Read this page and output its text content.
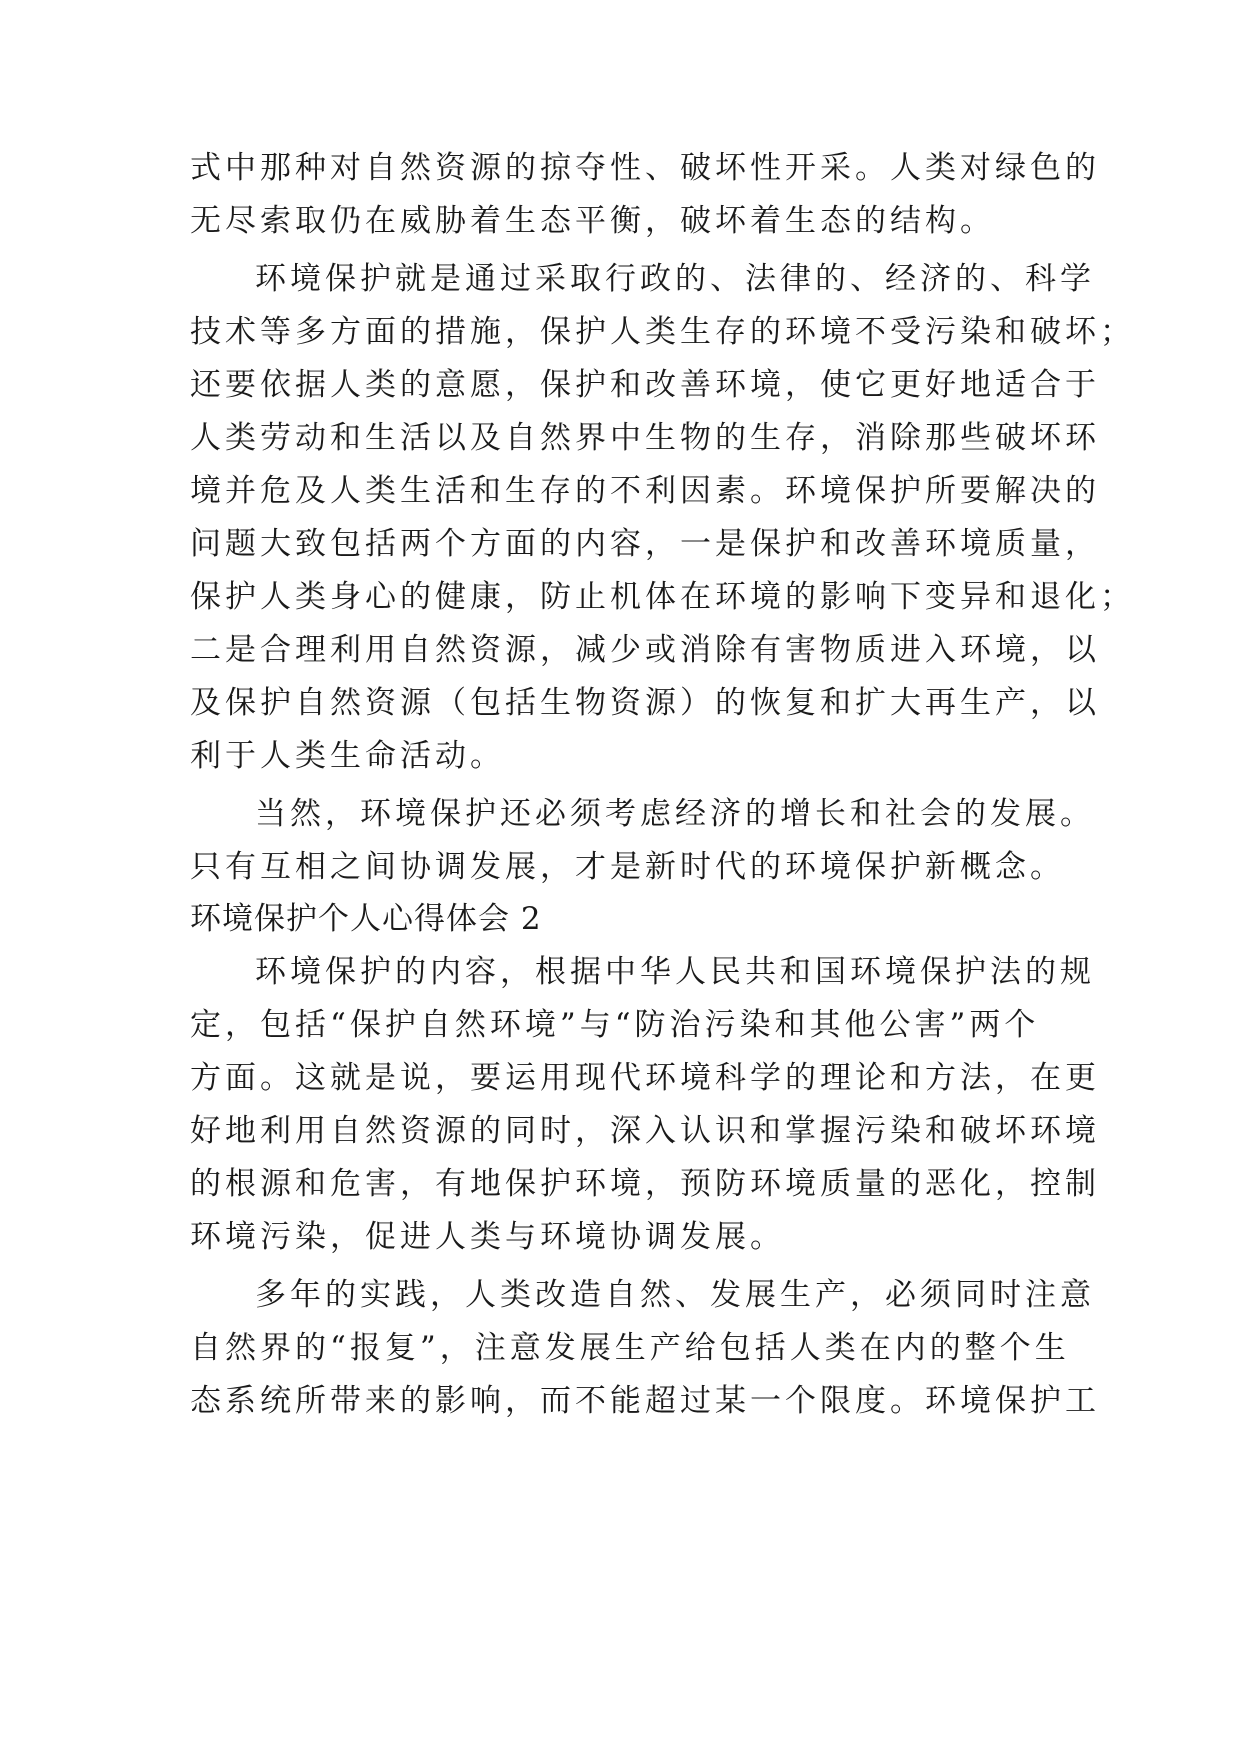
式中那种对自然资源的掠夺性、破坏性开采。人类对绿色的
无尽索取仍在威胁着生态平衡，破坏着生态的结构。
环境保护就是通过采取行政的、法律的、经济的、科学
技术等多方面的措施，保护人类生存的环境不受污染和破坏；
还要依据人类的意愿，保护和改善环境，使它更好地适合于
人类劳动和生活以及自然界中生物的生存，消除那些破坏环
境并危及人类生活和生存的不利因素。环境保护所要解决的
问题大致包括两个方面的内容，一是保护和改善环境质量，
保护人类身心的健康，防止机体在环境的影响下变异和退化；
二是合理利用自然资源，减少或消除有害物质进入环境，以
及保护自然资源（包括生物资源）的恢复和扩大再生产，以
利于人类生命活动。
当然，环境保护还必须考虑经济的增长和社会的发展。
只有互相之间协调发展，才是新时代的环境保护新概念。
环境保护个人心得体会 2
环境保护的内容，根据中华人民共和国环境保护法的规
定，包括“保护自然环境”与“防治污染和其他公害”两个
方面。这就是说，要运用现代环境科学的理论和方法，在更
好地利用自然资源的同时，深入认识和掌握污染和破坏环境
的根源和危害，有地保护环境，预防环境质量的恶化，控制
环境污染，促进人类与环境协调发展。
多年的实践，人类改造自然、发展生产，必须同时注意
自然界的“报复”，注意发展生产给包括人类在内的整个生
态系统所带来的影响，而不能超过某一个限度。环境保护工
